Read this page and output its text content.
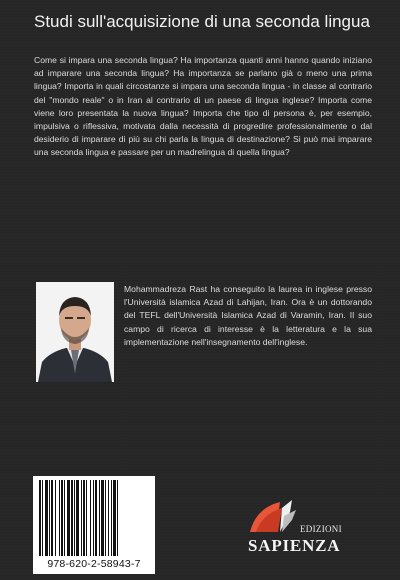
Studi sull'acquisizione di una seconda lingua
Come si impara una seconda lingua? Ha importanza quanti anni hanno quando iniziano ad imparare una seconda lingua? Ha importanza se parlano già o meno una prima lingua? Importa in quali circostanze si impara una seconda lingua - in classe al contrario del "mondo reale" o in Iran al contrario di un paese di lingua inglese? Importa come viene loro presentata la nuova lingua? Importa che tipo di persona è, per esempio, impulsiva o riflessiva, motivata dalla necessità di progredire professionalmente o dal desiderio di imparare di più su chi parla la lingua di destinazione? Si può mai imparare una seconda lingua e passare per un madrelingua di quella lingua?
Mohammadreza Rast ha conseguito la laurea in inglese presso l'Università islamica Azad di Lahijan, Iran. Ora è un dottorando del TEFL dell'Università Islamica Azad di Varamin, Iran. Il suo campo di ricerca di interesse è la letteratura e la sua implementazione nell'insegnamento dell'inglese.
978-620-2-58943-7
EDIZIONI
SAPIENZA
